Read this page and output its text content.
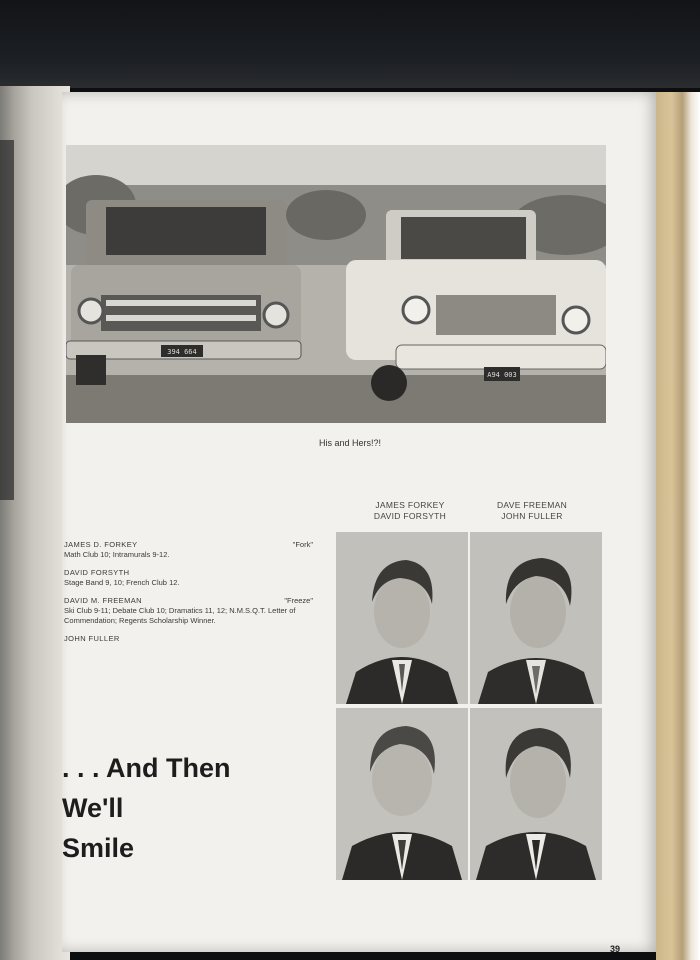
394 664
A94 003
His and Hers!?!
JAMES FORKEY
DAVID FORSYTH
DAVE FREEMAN
JOHN FULLER
JAMES D. FORKEY	"Fork"
Math Club 10; Intramurals 9-12.
DAVID FORSYTH
Stage Band 9, 10; French Club 12.
DAVID M. FREEMAN	"Freeze"
Ski Club 9-11; Debate Club 10; Dramatics 11, 12; N.M.S.Q.T. Letter of Commendation; Regents Scholarship Winner.
JOHN FULLER
. . . And Then
We'll
Smile
39
